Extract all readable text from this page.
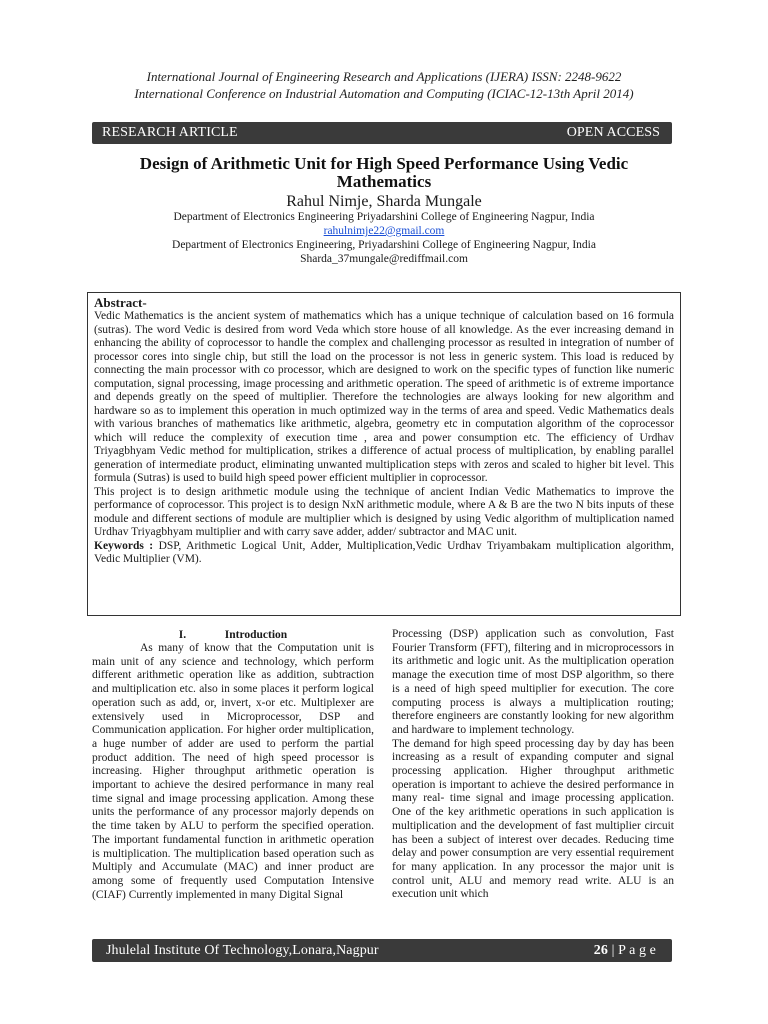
International Journal of Engineering Research and Applications (IJERA) ISSN: 2248-9622
International Conference on Industrial Automation and Computing (ICIAC-12-13th April 2014)
RESEARCH ARTICLE	OPEN ACCESS
Design of Arithmetic Unit for High Speed Performance Using Vedic Mathematics
Rahul Nimje, Sharda Mungale
Department of Electronics Engineering Priyadarshini College of Engineering Nagpur, India
rahulnimje22@gmail.com
Department of Electronics Engineering, Priyadarshini College of Engineering Nagpur, India
Sharda_37mungale@rediffmail.com
Abstract-

Vedic Mathematics is the ancient system of mathematics which has a unique technique of calculation based on 16 formula (sutras). The word Vedic is desired from word Veda which store house of all knowledge. As the ever increasing demand in enhancing the ability of coprocessor to handle the complex and challenging processor as resulted in integration of number of processor cores into single chip, but still the load on the processor is not less in generic system. This load is reduced by connecting the main processor with co processor, which are designed to work on the specific types of function like numeric computation, signal processing, image processing and arithmetic operation. The speed of arithmetic is of extreme importance and depends greatly on the speed of multiplier. Therefore the technologies are always looking for new algorithm and hardware so as to implement this operation in much optimized way in the terms of area and speed. Vedic Mathematics deals with various branches of mathematics like arithmetic, algebra, geometry etc in computation algorithm of the coprocessor which will reduce the complexity of execution time , area and power consumption etc. The efficiency of Urdhav Triyagbhyam Vedic method for multiplication, strikes a difference of actual process of multiplication, by enabling parallel generation of intermediate product, eliminating unwanted multiplication steps with zeros and scaled to higher bit level. This formula (Sutras) is used to build high speed power efficient multiplier in coprocessor.

This project is to design arithmetic module using the technique of ancient Indian Vedic Mathematics to improve the performance of coprocessor. This project is to design NxN arithmetic module, where A & B are the two N bits inputs of these module and different sections of module are multiplier which is designed by using Vedic algorithm of multiplication named Urdhav Triyagbhyam multiplier and with carry save adder, adder/ subtractor and MAC unit.

Keywords : DSP, Arithmetic Logical Unit, Adder, Multiplication,Vedic Urdhav Triyambakam multiplication algorithm, Vedic Multiplier (VM).

I.	Introduction

As many of know that the Computation unit is main unit of any science and technology, which perform different arithmetic operation like as addition, subtraction and multiplication etc. also in some places it perform logical operation such as add, or, invert, x-or etc. Multiplexer are extensively used in Microprocessor, DSP and Communication application. For higher order multiplication, a huge number of adder are used to perform the partial product addition. The need of high speed processor is increasing. Higher throughput arithmetic operation is important to achieve the desired performance in many real time signal and image processing application. Among these units the performance of any processor majorly depends on the time taken by ALU to perform the specified operation. The important fundamental function in arithmetic operation is multiplication. The multiplication based operation such as Multiply and Accumulate (MAC) and inner product are among some of frequently used Computation Intensive (CIAF) Currently implemented in many Digital Signal

Processing (DSP) application such as convolution, Fast Fourier Transform (FFT), filtering and in microprocessors in its arithmetic and logic unit. As the multiplication operation manage the execution time of most DSP algorithm, so there is a need of high speed multiplier for execution. The core computing process is always a multiplication routing; therefore engineers are constantly looking for new algorithm and hardware to implement technology.

The demand for high speed processing day by day has been increasing as a result of expanding computer and signal processing application. Higher throughput arithmetic operation is important to achieve the desired performance in many real- time signal and image processing application. One of the key arithmetic operations in such application is multiplication and the development of fast multiplier circuit has been a subject of interest over decades. Reducing time delay and power consumption are very essential requirement for many application. In any processor the major unit is control unit, ALU and memory read write. ALU is an execution unit which

Jhulelal Institute Of Technology,Lonara,Nagpur	26 | P a g e
